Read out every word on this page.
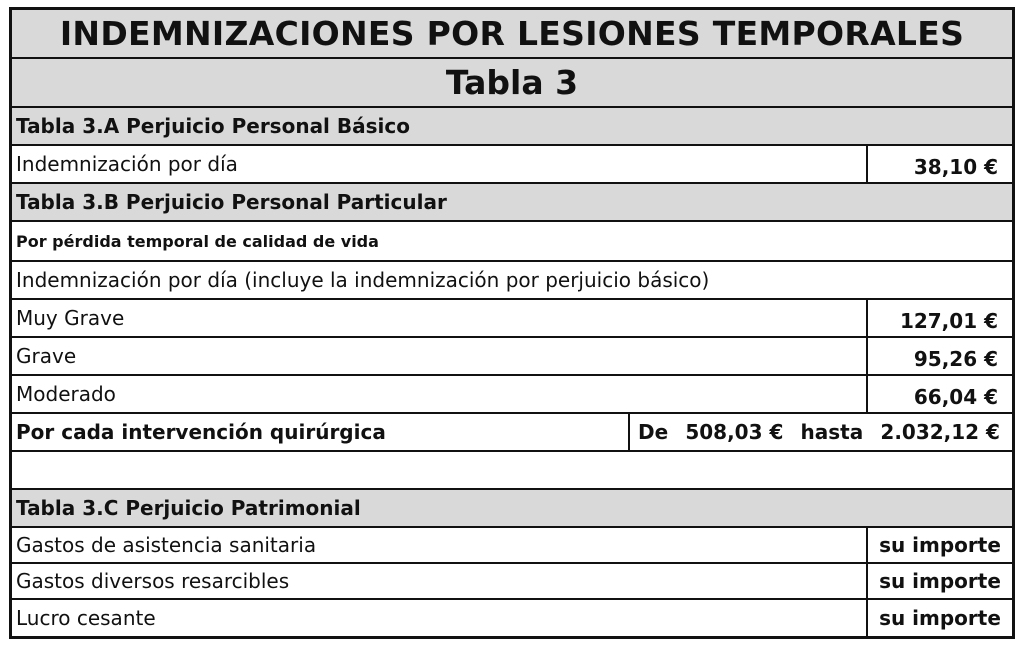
INDEMNIZACIONES POR LESIONES TEMPORALES
Tabla 3
Tabla 3.A Perjuicio Personal Básico
Indemnización por día	38,10 €
Tabla 3.B Perjuicio Personal Particular
Por pérdida temporal de calidad de vida
Indemnización por día (incluye la indemnización por perjuicio básico)
Muy Grave	127,01 €
Grave	95,26 €
Moderado	66,04 €
Por cada intervención quirúrgica	De 508,03 € hasta 2.032,12 €
Tabla 3.C Perjuicio Patrimonial
Gastos de asistencia sanitaria	su importe
Gastos diversos resarcibles	su importe
Lucro cesante	su importe
